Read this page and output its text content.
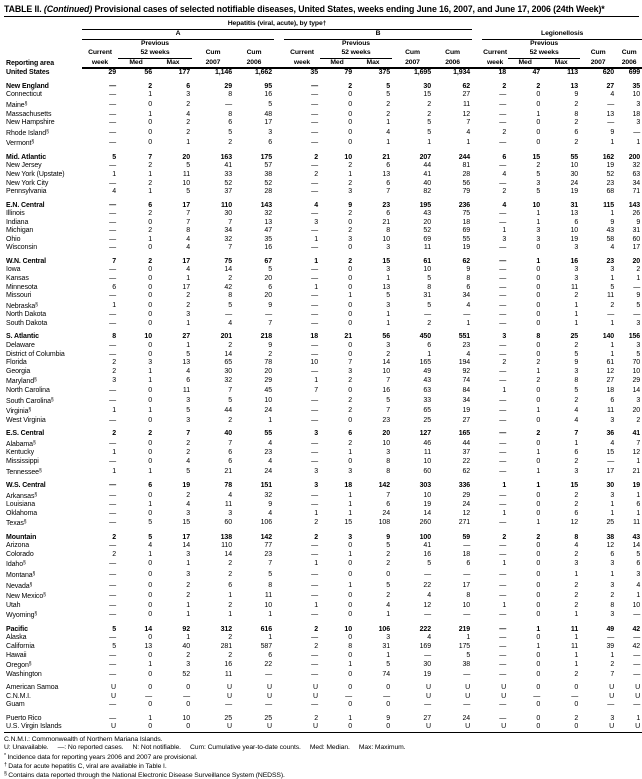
TABLE II. (Continued) Provisional cases of selected notifiable diseases, United States, weeks ending June 16, 2007, and June 17, 2006 (24th Week)*
Reporting area	Hepatitis (viral, acute), by type†																
	A						B						Legionellosis				
		Previous						Previous						Previous			
	Current	52 weeks		Cum	Cum		Current	52 weeks		Cum	Cum		Current	52 weeks		Cum	Cum
	week	Med	Max	2007	2006		week	Med	Max	2007	2006		week	Med	Max	2007	2006
United States	29	56	177	1,146	1,662		35	79	375	1,695	1,934		18	47	113	620	699

New England	—	2	6	29	95		—	2	5	30	62		2	2	13	27	35
Connecticut	—	1	3	8	16		—	0	5	15	27		—	0	9	4	10
Maine§	—	0	2	—	5		—	0	2	2	11		—	0	2	—	3
Massachusetts	—	1	4	8	48		—	0	2	2	12		—	1	8	13	18
New Hampshire	—	0	2	6	17		—	0	1	5	7		—	0	2	—	3
Rhode Island§	—	0	2	5	3		—	0	4	5	4		2	0	6	9	—
Vermont§	—	0	1	2	6		—	0	1	1	1		—	0	2	1	1

Mid. Atlantic	5	7	20	163	175		2	10	21	207	244		6	15	55	162	200
New Jersey	—	2	5	41	57		—	2	6	44	81		—	2	10	19	32
New York (Upstate)	1	1	11	33	38		2	1	13	41	28		4	5	30	52	63
New York City	—	2	10	52	52		—	2	6	40	56		—	3	24	23	34
Pennsylvania	4	1	5	37	28		—	3	7	82	79		2	5	19	68	71

E.N. Central	—	6	17	110	143		4	9	23	195	236		4	10	31	115	143
Illinois	—	2	7	30	32		—	2	6	43	75		—	1	13	1	26
Indiana	—	0	7	7	13		3	0	21	20	18		—	1	6	9	9
Michigan	—	2	8	34	47		—	2	8	52	69		1	3	10	43	31
Ohio	—	1	4	32	35		1	3	10	69	55		3	3	19	58	60
Wisconsin	—	0	4	7	16		—	0	3	11	19		—	0	3	4	17

W.N. Central	7	2	17	75	67		1	2	15	61	62		—	1	16	23	20
Iowa	—	0	4	14	5		—	0	3	10	9		—	0	3	3	2
Kansas	—	0	1	2	20		—	0	1	5	8		—	0	3	1	1
Minnesota	6	0	17	42	6		1	0	13	8	6		—	0	11	5	—
Missouri	—	0	2	8	20		—	1	5	31	34		—	0	2	11	9
Nebraska§	1	0	2	5	9		—	0	3	5	4		—	0	1	2	5
North Dakota	—	0	3	—	—		—	0	1	—	—		—	0	1	—	—
South Dakota	—	0	1	4	7		—	0	1	2	1		—	0	1	1	3

S. Atlantic	8	10	27	201	218		18	21	56	450	551		3	8	25	140	156
Delaware	—	0	1	2	9		—	0	3	6	23		—	0	2	1	3
District of Columbia	—	0	5	14	2		—	0	2	1	4		—	0	5	1	5
Florida	2	3	13	65	78		10	7	14	165	194		2	2	9	61	70
Georgia	2	1	4	30	20		—	3	10	49	92		—	1	3	12	10
Maryland§	3	1	6	32	29		1	2	7	43	74		—	2	8	27	29
North Carolina	—	0	11	7	45		7	0	16	63	84		1	0	5	18	14
South Carolina§	—	0	3	5	10		—	2	5	33	34		—	0	2	6	3
Virginia§	1	1	5	44	24		—	2	7	65	19		—	1	4	11	20
West Virginia	—	0	3	2	1		—	0	23	25	27		—	0	4	3	2

E.S. Central	2	2	7	40	55		3	6	20	127	165		—	2	7	36	41
Alabama§	—	0	2	7	4		—	2	10	46	44		—	0	1	4	7
Kentucky	1	0	2	6	23		—	1	3	11	37		—	1	6	15	12
Mississippi	—	0	4	6	4		—	0	8	10	22		—	0	2	—	1
Tennessee§	1	1	5	21	24		3	3	8	60	62		—	1	3	17	21

W.S. Central	—	6	19	78	151		3	18	142	303	336		1	1	15	30	19
Arkansas§	—	0	2	4	32		—	1	7	10	29		—	0	2	3	1
Louisiana	—	1	4	11	9		—	1	6	19	24		—	0	2	1	6
Oklahoma	—	0	3	3	4		1	1	24	14	12		1	0	6	1	1
Texas§	—	5	15	60	106		2	15	108	260	271		—	1	12	25	11

Mountain	2	5	17	138	142		2	3	9	100	59		2	2	8	38	43
Arizona	—	4	14	110	77		—	0	5	41	—		—	0	4	12	14
Colorado	2	1	3	14	23		—	1	2	16	18		—	0	2	6	5
Idaho§	—	0	1	2	7		1	0	2	5	6		1	0	3	3	6
Montana§	—	0	3	2	5		—	0	0	—	—		—	0	1	1	3
Nevada§	—	0	2	6	8		—	1	5	22	17		—	0	2	3	4
New Mexico§	—	0	2	1	11		—	0	2	4	8		—	0	2	2	1
Utah	—	0	1	2	10		1	0	4	12	10		1	0	2	8	10
Wyoming§	—	0	1	1	1		—	0	1	—	—		—	0	1	3	—

Pacific	5	14	92	312	616		2	10	106	222	219		—	1	11	49	42
Alaska	—	0	1	2	1		—	0	3	4	1		—	0	1	—	—
California	5	13	40	281	587		2	8	31	169	175		—	1	11	39	42
Hawaii	—	0	2	2	6		—	0	1	—	5		—	0	1	1	—
Oregon§	—	1	3	16	22		—	1	5	30	38		—	0	1	2	—
Washington	—	0	52	11	—		—	0	74	19	—		—	0	2	7	—

American Samoa	U	0	0	U	U		U	0	0	U	U		U	0	0	U	U
C.N.M.I.	U	—	—	U	U		U	—	—	U	U		U	—	—	U	U
Guam	—	0	0	—	—		—	0	0	—	—		—	0	0	—	—

Puerto Rico	—	1	10	25	25		2	1	9	27	24		—	0	2	3	1
U.S. Virgin Islands	U	0	0	U	U		U	0	0	U	U		U	0	0	U	U
C.N.M.I.: Commonwealth of Northern Mariana Islands.
U: Unavailable. —: No reported cases. N: Not notifiable. Cum: Cumulative year-to-date counts. Med: Median. Max: Maximum.
* Incidence data for reporting years 2006 and 2007 are provisional.
† Data for acute hepatitis C, viral are available in Table I.
§ Contains data reported through the National Electronic Disease Surveillance System (NEDSS).
